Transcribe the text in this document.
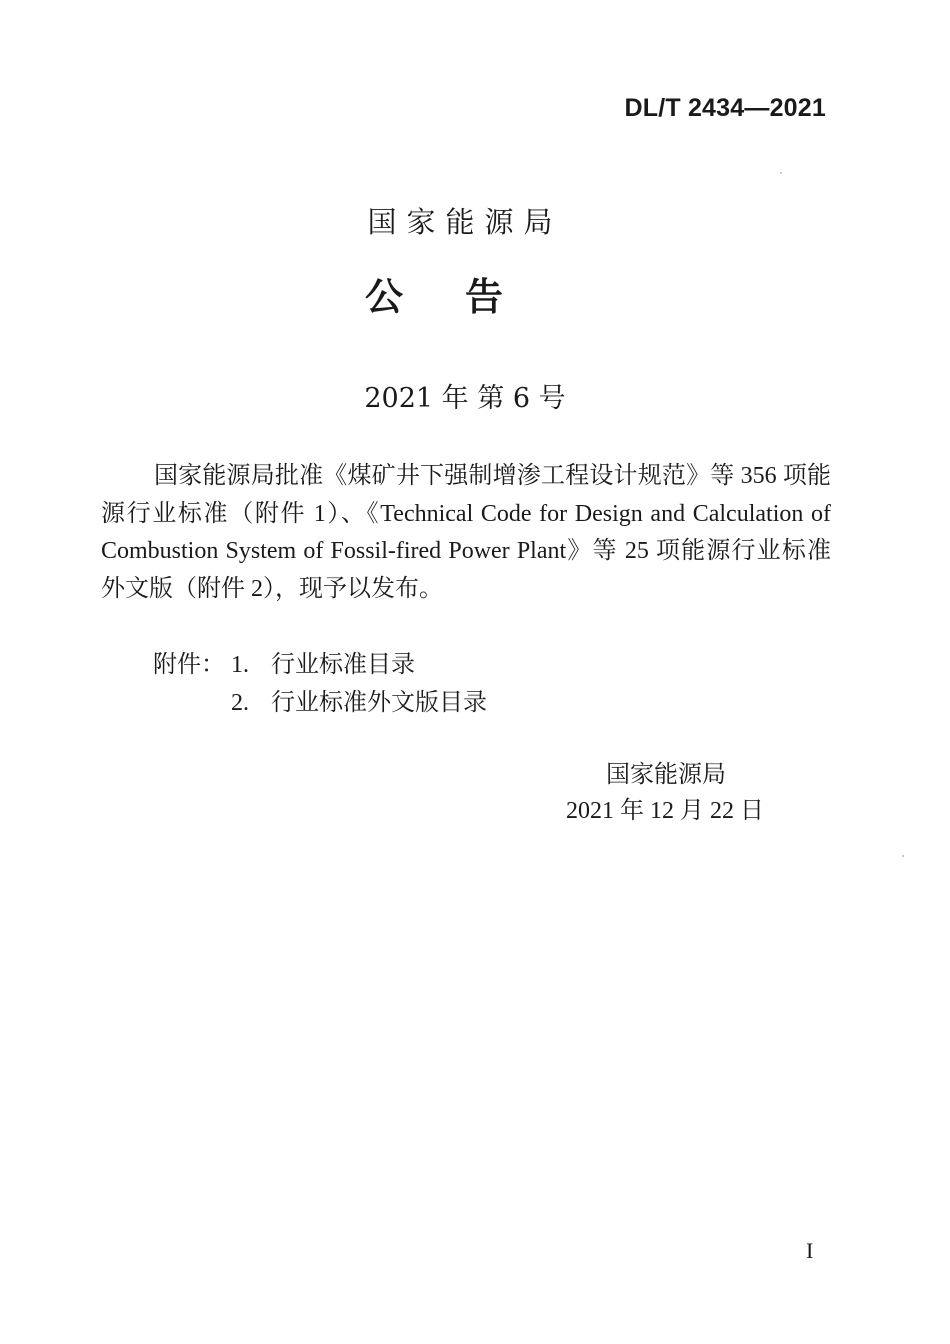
DL/T 2434—2021
国家能源局
公告
2021 年 第 6 号

国家能源局批准《煤矿井下强制增渗工程设计规范》等 356 项能源行业标准（附件 1）、《Technical Code for Design and Calculation of Combustion System of Fossil-fired Power Plant》等 25 项能源行业标准外文版（附件 2），现予以发布。

附件： 1. 行业标准目录
2. 行业标准外文版目录
国家能源局
2021 年 12 月 22 日
I
